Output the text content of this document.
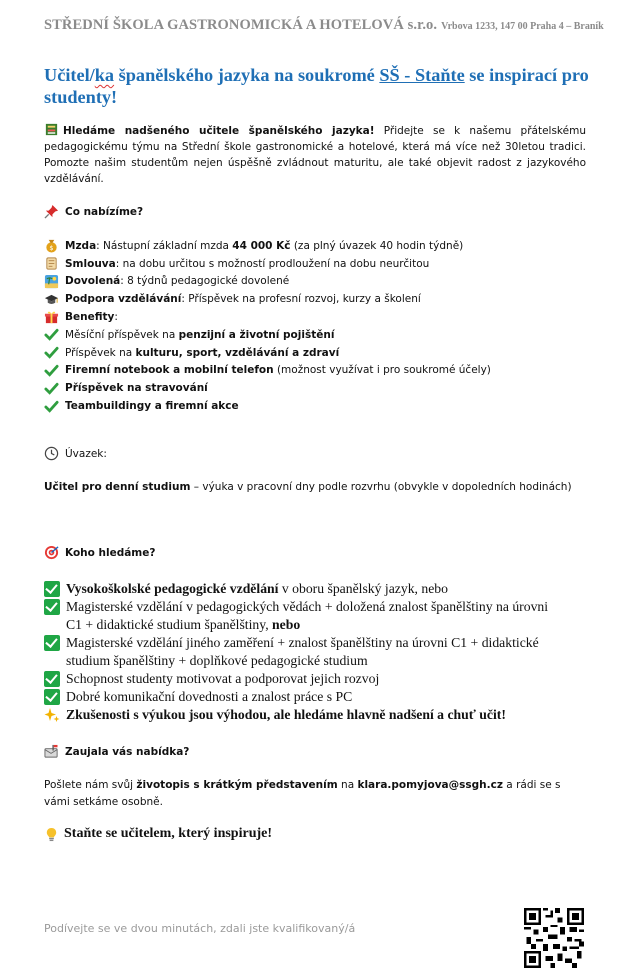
STŘEDNÍ ŠKOLA GASTRONOMICKÁ A HOTELOVÁ s.r.o. Vrbova 1233, 147 00 Praha 4 – Braník
Učitel/ka španělského jazyka na soukromé SŠ - Staňte se inspirací pro studenty!
Hledáme nadšeného učitele španělského jazyka! Přidejte se k našemu přátelskému pedagogickému týmu na Střední škole gastronomické a hotelové, která má více než 30letou tradici. Pomozte našim studentům nejen úspěšně zvládnout maturitu, ale také objevit radost z jazykového vzdělávání.
Co nabízíme?
$ Mzda: Nástupní základní mzda 44 000 Kč (za plný úvazek 40 hodin týdně)
Smlouva: na dobu určitou s možností prodloužení na dobu neurčitou
Dovolená: 8 týdnů pedagogické dovolené
Podpora vzdělávání: Příspěvek na profesní rozvoj, kurzy a školení
Benefity:
Měsíční příspěvek na penzijní a životní pojištění
Příspěvek na kulturu, sport, vzdělávání a zdraví
Firemní notebook a mobilní telefon (možnost využívat i pro soukromé účely)
Příspěvek na stravování
Teambuildingy a firemní akce
Úvazek:
Učitel pro denní studium – výuka v pracovní dny podle rozvrhu (obvykle v dopoledních hodinách)
Koho hledáme?
Vysokoškolské pedagogické vzdělání v oboru španělský jazyk, nebo
Magisterské vzdělání v pedagogických vědách + doložená znalost španělštiny na úrovni
C1 + didaktické studium španělštiny, nebo
Magisterské vzdělání jiného zaměření + znalost španělštiny na úrovni C1 + didaktické
studium španělštiny + doplňkové pedagogické studium
Schopnost studenty motivovat a podporovat jejich rozvoj
Dobré komunikační dovednosti a znalost práce s PC
Zkušenosti s výukou jsou výhodou, ale hledáme hlavně nadšení a chuť učit!
Zaujala vás nabídka?
Pošlete nám svůj životopis s krátkým představením na klara.pomyjova@ssgh.cz a rádi se s vámi setkáme osobně.
Staňte se učitelem, který inspiruje!
Podívejte se ve dvou minutách, zdali jste kvalifikovaný/á
